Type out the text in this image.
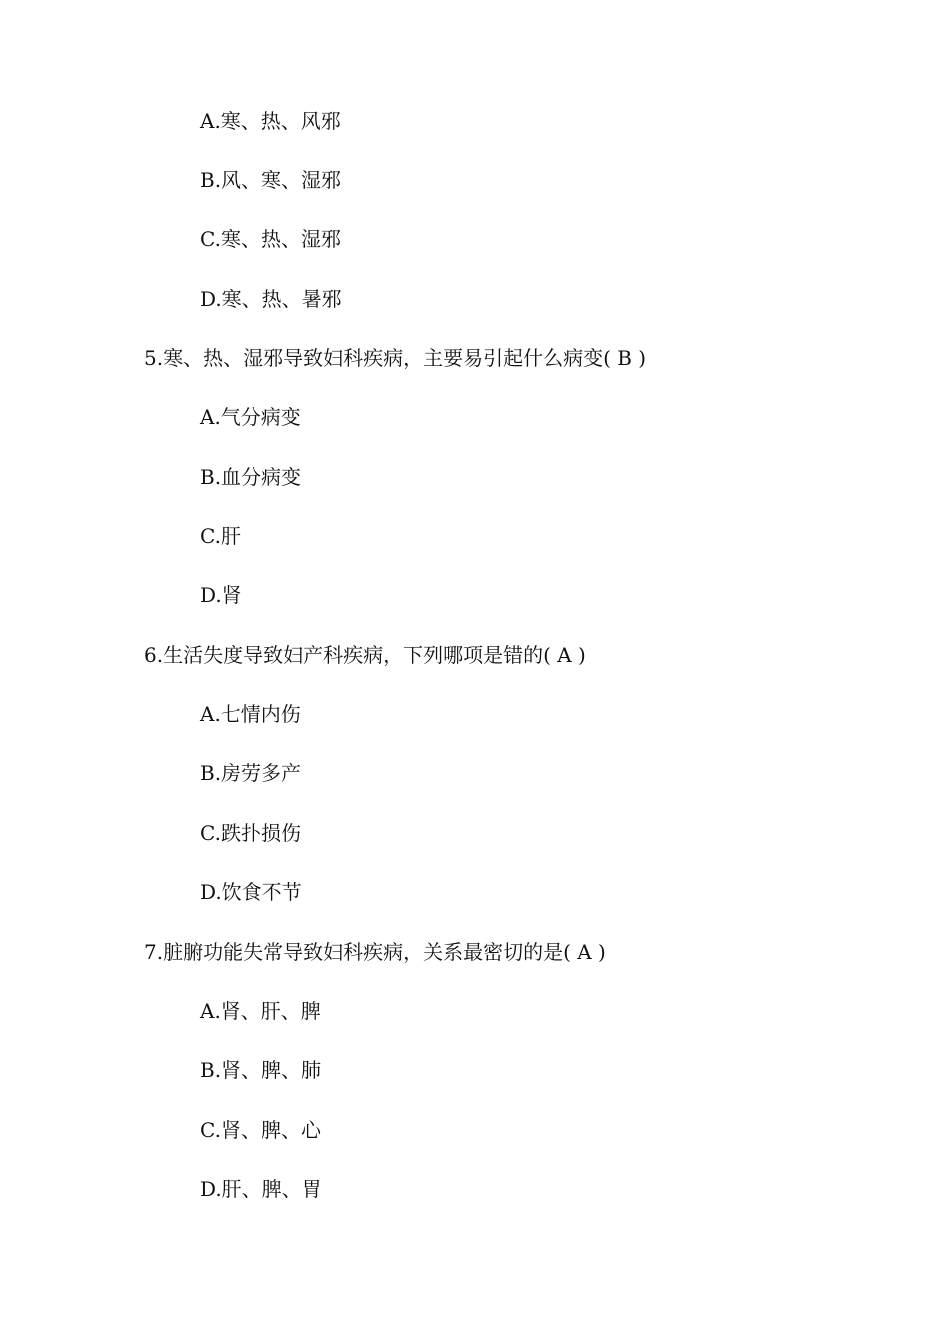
A.寒、热、风邪
B.风、寒、湿邪
C.寒、热、湿邪
D.寒、热、暑邪
5.寒、热、湿邪导致妇科疾病，主要易引起什么病变( B )
A.气分病变
B.血分病变
C.肝
D.肾
6.生活失度导致妇产科疾病，下列哪项是错的( A )
A.七情内伤
B.房劳多产
C.跌扑损伤
D.饮食不节
7.脏腑功能失常导致妇科疾病，关系最密切的是( A )
A.肾、肝、脾
B.肾、脾、肺
C.肾、脾、心
D.肝、脾、胃
